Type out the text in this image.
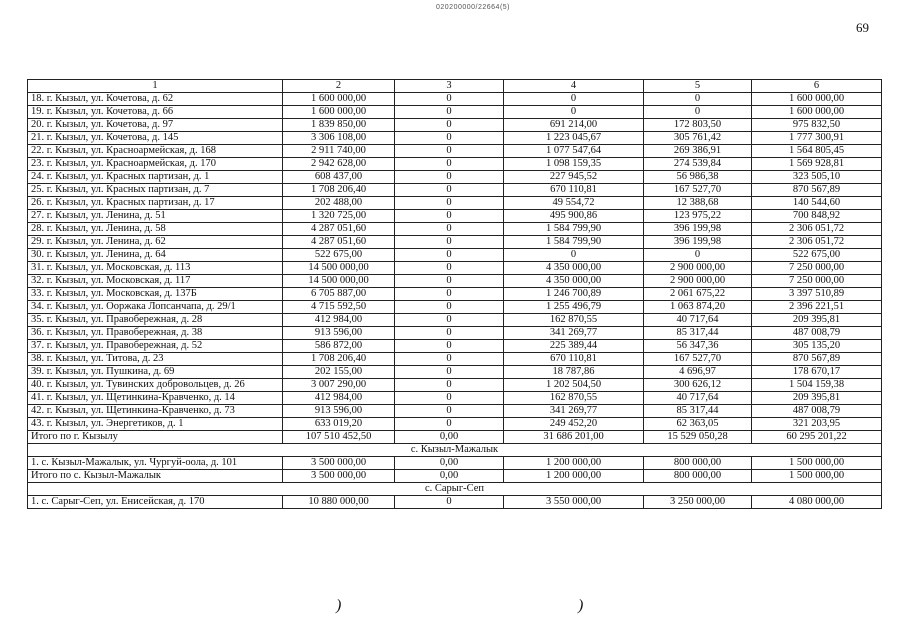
020200000/22664(5)
69
1	2	3	4	5	6
18. г. Кызыл, ул. Кочетова, д. 62	1 600 000,00	0	0	0	1 600 000,00
19. г. Кызыл, ул. Кочетова, д. 66	1 600 000,00	0	0	0	1 600 000,00
20. г. Кызыл, ул. Кочетова, д. 97	1 839 850,00	0	691 214,00	172 803,50	975 832,50
21. г. Кызыл, ул. Кочетова, д. 145	3 306 108,00	0	1 223 045,67	305 761,42	1 777 300,91
22. г. Кызыл, ул. Красноармейская, д. 168	2 911 740,00	0	1 077 547,64	269 386,91	1 564 805,45
23. г. Кызыл, ул. Красноармейская, д. 170	2 942 628,00	0	1 098 159,35	274 539,84	1 569 928,81
24. г. Кызыл, ул. Красных партизан, д. 1	608 437,00	0	227 945,52	56 986,38	323 505,10
25. г. Кызыл, ул. Красных партизан, д. 7	1 708 206,40	0	670 110,81	167 527,70	870 567,89
26. г. Кызыл, ул. Красных партизан, д. 17	202 488,00	0	49 554,72	12 388,68	140 544,60
27. г. Кызыл, ул. Ленина, д. 51	1 320 725,00	0	495 900,86	123 975,22	700 848,92
28. г. Кызыл, ул. Ленина, д. 58	4 287 051,60	0	1 584 799,90	396 199,98	2 306 051,72
29. г. Кызыл, ул. Ленина, д. 62	4 287 051,60	0	1 584 799,90	396 199,98	2 306 051,72
30. г. Кызыл, ул. Ленина, д. 64	522 675,00	0	0	0	522 675,00
31. г. Кызыл, ул. Московская, д. 113	14 500 000,00	0	4 350 000,00	2 900 000,00	7 250 000,00
32. г. Кызыл, ул. Московская, д. 117	14 500 000,00	0	4 350 000,00	2 900 000,00	7 250 000,00
33. г. Кызыл, ул. Московская, д. 137Б	6 705 887,00	0	1 246 700,89	2 061 675,22	3 397 510,89
34. г. Кызыл, ул. Ооржака Лопсанчапа, д. 29/1	4 715 592,50	0	1 255 496,79	1 063 874,20	2 396 221,51
35. г. Кызыл, ул. Правобережная, д. 28	412 984,00	0	162 870,55	40 717,64	209 395,81
36. г. Кызыл, ул. Правобережная, д. 38	913 596,00	0	341 269,77	85 317,44	487 008,79
37. г. Кызыл, ул. Правобережная, д. 52	586 872,00	0	225 389,44	56 347,36	305 135,20
38. г. Кызыл, ул. Титова, д. 23	1 708 206,40	0	670 110,81	167 527,70	870 567,89
39. г. Кызыл, ул. Пушкина, д. 69	202 155,00	0	18 787,86	4 696,97	178 670,17
40. г. Кызыл, ул. Тувинских добровольцев, д. 26	3 007 290,00	0	1 202 504,50	300 626,12	1 504 159,38
41. г. Кызыл, ул. Щетинкина-Кравченко, д. 14	412 984,00	0	162 870,55	40 717,64	209 395,81
42. г. Кызыл, ул. Щетинкина-Кравченко, д. 73	913 596,00	0	341 269,77	85 317,44	487 008,79
43. г. Кызыл, ул. Энергетиков, д. 1	633 019,20	0	249 452,20	62 363,05	321 203,95
Итого по г. Кызылу	107 510 452,50	0,00	31 686 201,00	15 529 050,28	60 295 201,22
с. Кызыл-Мажалык					
1. с. Кызыл-Мажалык, ул. Чургуй-оола, д. 101	3 500 000,00	0,00	1 200 000,00	800 000,00	1 500 000,00
Итого по с. Кызыл-Мажалык	3 500 000,00	0,00	1 200 000,00	800 000,00	1 500 000,00
с. Сарыг-Сеп					
1. с. Сарыг-Сеп, ул. Енисейская, д. 170	10 880 000,00	0	3 550 000,00	3 250 000,00	4 080 000,00
)	)
